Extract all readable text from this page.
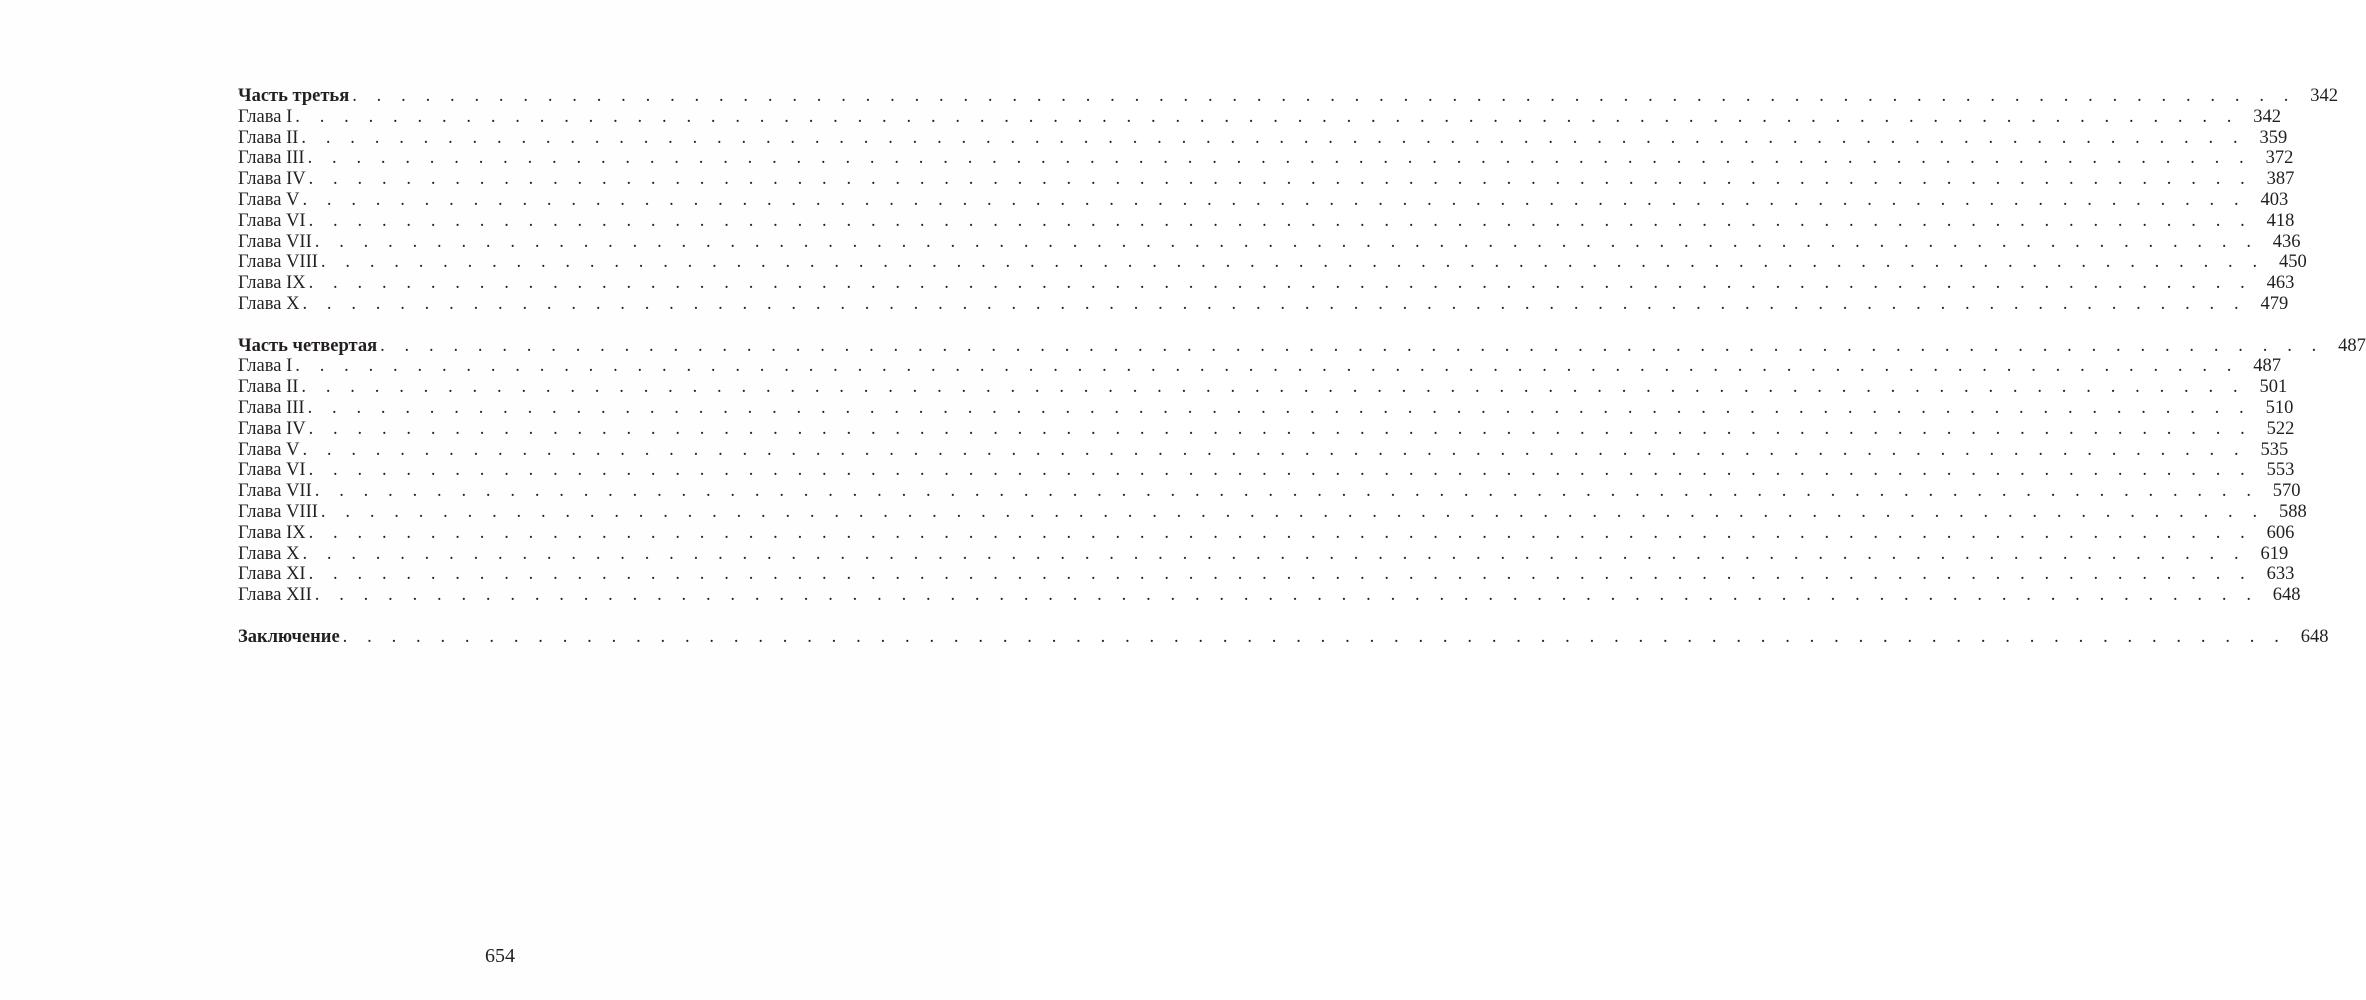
Часть третья . . . . . . . . . . . . . . . . . . . . . . . . . . . . . . . . . . . . . . . . . . . . . . . . . . . . . . . . . . . . . . . . . . . . . . . . . . . . . . . . 342
Глава I . . . . . . . . . . . . . . . . . . . . . . . . . . . . . . . . . . . . . . . . . . . . . . . . . . . . . . . . . . . . . . . . . . . . . . . . . . . . . . . . 342
Глава II . . . . . . . . . . . . . . . . . . . . . . . . . . . . . . . . . . . . . . . . . . . . . . . . . . . . . . . . . . . . . . . . . . . . . . . . . . . . . . . . 359
Глава III . . . . . . . . . . . . . . . . . . . . . . . . . . . . . . . . . . . . . . . . . . . . . . . . . . . . . . . . . . . . . . . . . . . . . . . . . . . . . . . . 372
Глава IV . . . . . . . . . . . . . . . . . . . . . . . . . . . . . . . . . . . . . . . . . . . . . . . . . . . . . . . . . . . . . . . . . . . . . . . . . . . . . . . . 387
Глава V . . . . . . . . . . . . . . . . . . . . . . . . . . . . . . . . . . . . . . . . . . . . . . . . . . . . . . . . . . . . . . . . . . . . . . . . . . . . . . . . 403
Глава VI . . . . . . . . . . . . . . . . . . . . . . . . . . . . . . . . . . . . . . . . . . . . . . . . . . . . . . . . . . . . . . . . . . . . . . . . . . . . . . . . 418
Глава VII . . . . . . . . . . . . . . . . . . . . . . . . . . . . . . . . . . . . . . . . . . . . . . . . . . . . . . . . . . . . . . . . . . . . . . . . . . . . . . . . 436
Глава VIII . . . . . . . . . . . . . . . . . . . . . . . . . . . . . . . . . . . . . . . . . . . . . . . . . . . . . . . . . . . . . . . . . . . . . . . . . . . . . . . . 450
Глава IX . . . . . . . . . . . . . . . . . . . . . . . . . . . . . . . . . . . . . . . . . . . . . . . . . . . . . . . . . . . . . . . . . . . . . . . . . . . . . . . . 463
Глава X . . . . . . . . . . . . . . . . . . . . . . . . . . . . . . . . . . . . . . . . . . . . . . . . . . . . . . . . . . . . . . . . . . . . . . . . . . . . . . . . 479
Часть четвертая . . . . . . . . . . . . . . . . . . . . . . . . . . . . . . . . . . . . . . . . . . . . . . . . . . . . . . . . . . . . . . . . . . . . . . . . . . . . . . . . 487
Глава I . . . . . . . . . . . . . . . . . . . . . . . . . . . . . . . . . . . . . . . . . . . . . . . . . . . . . . . . . . . . . . . . . . . . . . . . . . . . . . . . 487
Глава II . . . . . . . . . . . . . . . . . . . . . . . . . . . . . . . . . . . . . . . . . . . . . . . . . . . . . . . . . . . . . . . . . . . . . . . . . . . . . . . . 501
Глава III . . . . . . . . . . . . . . . . . . . . . . . . . . . . . . . . . . . . . . . . . . . . . . . . . . . . . . . . . . . . . . . . . . . . . . . . . . . . . . . . 510
Глава IV . . . . . . . . . . . . . . . . . . . . . . . . . . . . . . . . . . . . . . . . . . . . . . . . . . . . . . . . . . . . . . . . . . . . . . . . . . . . . . . . 522
Глава V . . . . . . . . . . . . . . . . . . . . . . . . . . . . . . . . . . . . . . . . . . . . . . . . . . . . . . . . . . . . . . . . . . . . . . . . . . . . . . . . 535
Глава VI . . . . . . . . . . . . . . . . . . . . . . . . . . . . . . . . . . . . . . . . . . . . . . . . . . . . . . . . . . . . . . . . . . . . . . . . . . . . . . . . 553
Глава VII . . . . . . . . . . . . . . . . . . . . . . . . . . . . . . . . . . . . . . . . . . . . . . . . . . . . . . . . . . . . . . . . . . . . . . . . . . . . . . . . 570
Глава VIII . . . . . . . . . . . . . . . . . . . . . . . . . . . . . . . . . . . . . . . . . . . . . . . . . . . . . . . . . . . . . . . . . . . . . . . . . . . . . . . . 588
Глава IX . . . . . . . . . . . . . . . . . . . . . . . . . . . . . . . . . . . . . . . . . . . . . . . . . . . . . . . . . . . . . . . . . . . . . . . . . . . . . . . . 606
Глава X . . . . . . . . . . . . . . . . . . . . . . . . . . . . . . . . . . . . . . . . . . . . . . . . . . . . . . . . . . . . . . . . . . . . . . . . . . . . . . . . 619
Глава XI . . . . . . . . . . . . . . . . . . . . . . . . . . . . . . . . . . . . . . . . . . . . . . . . . . . . . . . . . . . . . . . . . . . . . . . . . . . . . . . . 633
Глава XII . . . . . . . . . . . . . . . . . . . . . . . . . . . . . . . . . . . . . . . . . . . . . . . . . . . . . . . . . . . . . . . . . . . . . . . . . . . . . . . . 648
Заключение . . . . . . . . . . . . . . . . . . . . . . . . . . . . . . . . . . . . . . . . . . . . . . . . . . . . . . . . . . . . . . . . . . . . . . . . . . . . . . . . 648
654
